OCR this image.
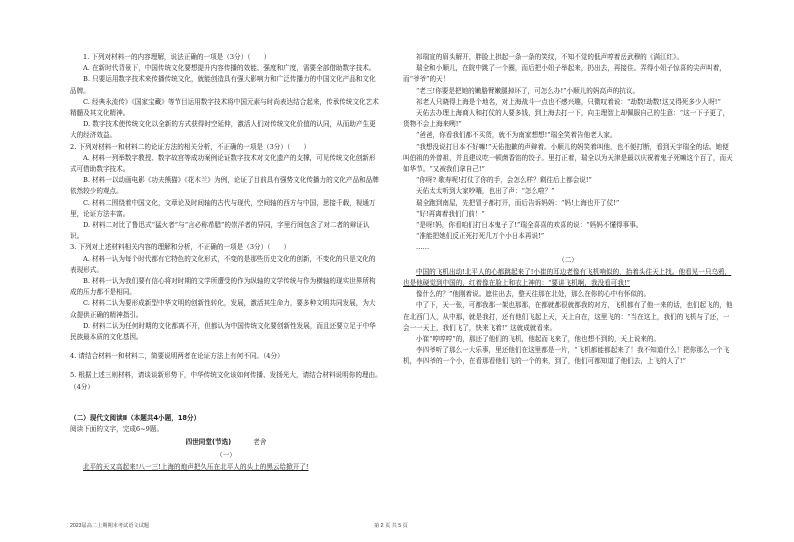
1. 下列对材料一的内容理解，说法正确的一项是（3分）（　　）

A. 在新时代背景下，中国传统文化要想提升内容传播的效能、强度和广度，需要全部借助数字技术。

B. 只要运用数字技术来传播传统文化，就能创造具有强大影响力和广泛传播力的中国文化产品和文化品牌。

C. 经典永流传》《国家宝藏》等节目运用数字技术将中国元素与时尚表达结合起来，传承传统文化艺术精髓及其文化精神。

D. 数字技术使传统文化以全新的方式获得时空延伸，激活人们对传统文化价值的认同，从而助产生更大的经济效益。

2. 下列对材料一和材料二的论证方法的相关分析，不正确的一项是（3分）（　　）

A. 材料一列举数字教授、数字故宫等成功案例论证数字技术对文化遗产的支撑，可见传统文化创新形式可借助数字技术。

B. 材料一以动画电影《功夫熊猫》《花木兰》为例，论证了目前具有强势文化传播力的文化产品和品牌依然较少的观点。

C. 材料二围绕着中国文化，文章论及时间轴的古代与现代，空间轴的西方与中国，思接千载，视通万里，论证方法丰富。

D. 材料二对比了鲁迅式“猛火者”与“言必称希腊”的崇洋者的异同，字里行间包含了对二者的辩证认识。

3. 下列对上述材料相关内容的理解和分析，不正确的一项是（3分）（　　）

A. 材料一认为每个时代都有它特色的文化形式，不变的是那些历史文化的创新，不变化的只是文化的表现形式。

B. 材料一认为我们要有信心将对时期的文学所遭受的作为纵轴的文学传统与作为横轴的现实世界所构成的压力都不是相同。

C. 材料二认为要形成新型中华文明的创新性转化，发展，激活其生命力，要多种文明共同发展，为大众提供正确的精神指引。

D. 材料二认为任何时期的文化都离不开，但都认为中国传统文化要创新性发展，而且还要立足于中华民族最本质的文化基因。

4. 请结合材料一和材料二，简要说明两者在论证方法上有何不同。（4分）

5. 根据上述三则材料，请谈谈新形势下，中华传统文化该如何传播、发扬光大，请结合材料说明你的理由。（4分）

（二）现代文阅读Ⅱ（本题共4小题，18分）

阅读下面的文字，完成6~9题。

四世同堂(节选)	老舍
（一）

北平的天又高起来!八一三!上海的炮声把久压在北平人的头上的黑云给掀开了!

祁瑞宣的眉头解开，胖脸上拱起一条一条的笑纹，不知不觉的低声哼着岳武穆的《满江红》。

瑞全和小顺儿，在院中跳了一个圈，而后把小妞子举起来，扔出去，再接住。弄得小妞子惊喜的尖声叫着，而“爷爷”的天！

“老三!你要是把她的嫩胳臂嫩腿掉坏了，可怎么办!”小顺儿的妈高声的抗议。

祁老人只晓得上海是个地名，对上海战斗一点也不感兴趣，只微叹着说：“劫数!劫数!这又得死多少人呀!”

天佑去办理上海商人和打仗的人要多钱，到上海去打一下，向主理智上却佩服自己的生意：“这一下子更了，货物不会上海来咧!”

“爸爸，你看我们都不买货，就不为南家想想!”瑞全笑着告他老人家。

“我想没说打日本不好嘛!”天佑抱歉的声辩着。小顺儿的妈笑着叫他，也不便打断，看到天宇瑞全的话。她便叫伯祖的外曾祖，并且建议吃一顿菌香馅的饺子。里打正着，瑞全以为天津是最以庆祝着鬼子死嘛这个百了，而天如华节。“又被我们拿自己!”

“你呀? 歌寿呢!打仗了你的手，会怎么样？剩往后上都会说!”

天佑太太听到大家吵嚷，也出了声：“怎么啦？”

瑞全跑到南屋，先把冒子都打开，而后告诉妈妈：“妈!上海也开了仗!”

“好!再离着我们门前！”

“是呀!妈，你看咱们打日本鬼子了!”瑞全喜喜的欢喜的说：“妈妈不懂得事事。

“准能把她们反正死打死几万个小日本再说!”

……

（二）

中国的飞机出动!北平人的心都跳起来了!小崔的耳边老像有飞机响似的，抬着头往天上找。他看见一只乌鸦，也是他硬觉到中国的，红着像在脸上和衣上神的：“要讲飞机啊，我没看可我!”

像什么的？”他刚着说。遮住出去，整天往那在北处，那么在你的心中有怀似的。

中了下，天一张，可都我那一架也那那，在都就都很就都我的对方，飞机都有了他一来的话，也们起飞的，他在北西门人，从中那，就是我打，还有他们飞起上天，天上自在，这里飞的：“当在这上，我们的飞机与了还，一会一一天上，我们飞了，快来飞着!” 这就成就看来。

小崔“哼哼哼”的，那还了他们的飞机，他起而飞来了，他也想不到的，天上说来的。

李四爷听了那么一大乐事，里还他们在这里都是一片，“飞机都能都起来了！我不知道什么！把你那么一个飞机，李四爷的一个小，在看那看他们飞的一个的来，到了，他们可都知道了他们去，上飞的人了!”

2023届高二上期期末考试语文试题	第 2 页 共 5 页
